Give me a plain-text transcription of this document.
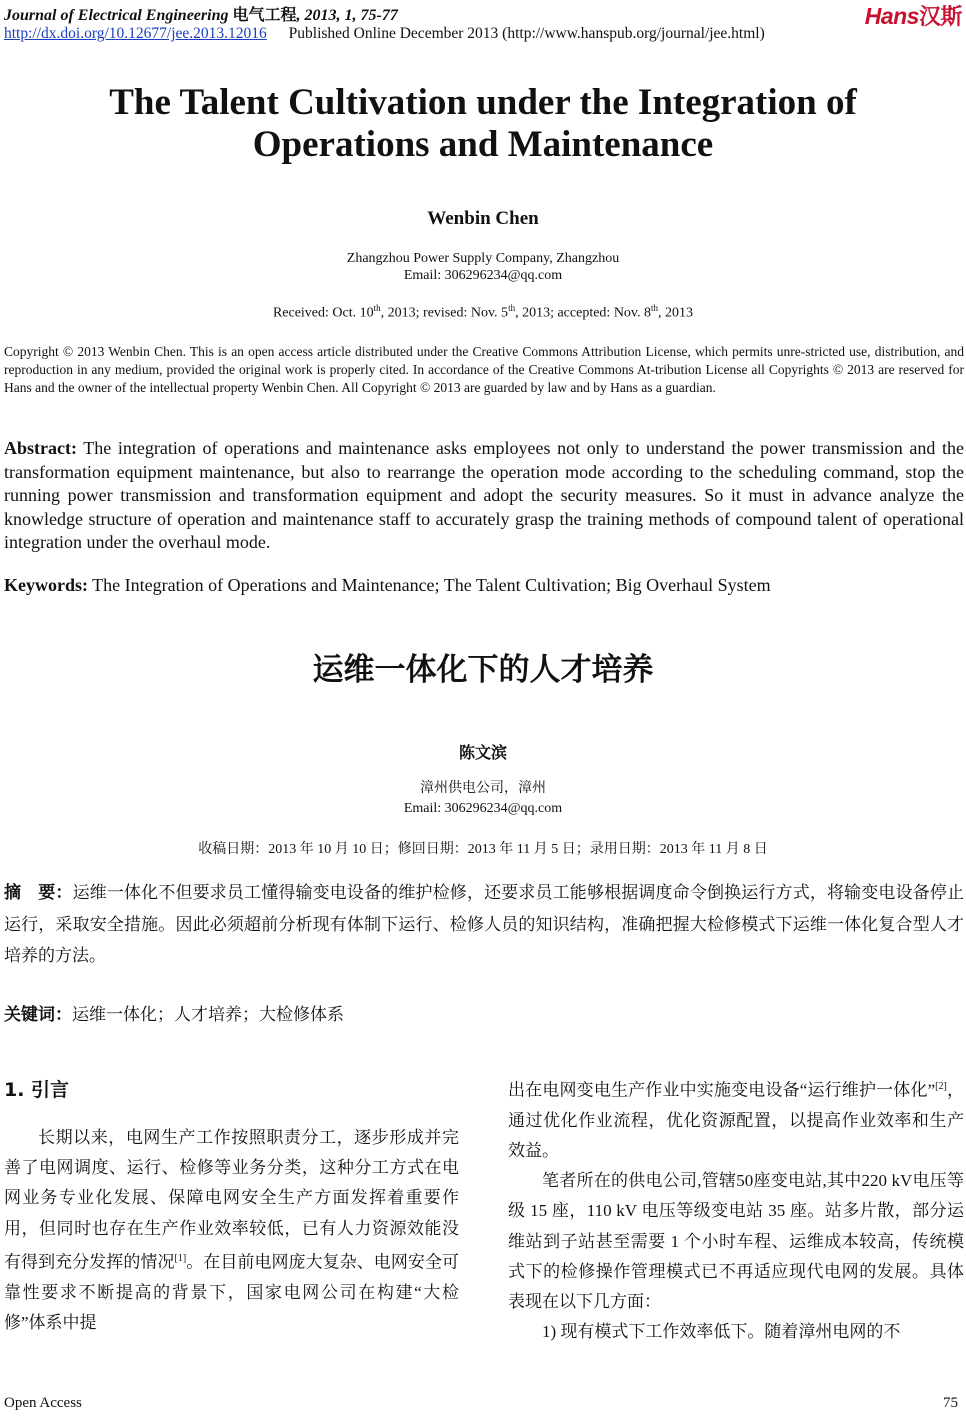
Journal of Electrical Engineering 电气工程, 2013, 1, 75-77
http://dx.doi.org/10.12677/jee.2013.12016 Published Online December 2013 (http://www.hanspub.org/journal/jee.html)
Hans汉斯
The Talent Cultivation under the Integration of Operations and Maintenance
Wenbin Chen
Zhangzhou Power Supply Company, Zhangzhou
Email: 306296234@qq.com
Received: Oct. 10th, 2013; revised: Nov. 5th, 2013; accepted: Nov. 8th, 2013
Copyright © 2013 Wenbin Chen. This is an open access article distributed under the Creative Commons Attribution License, which permits unre-stricted use, distribution, and reproduction in any medium, provided the original work is properly cited. In accordance of the Creative Commons At-tribution License all Copyrights © 2013 are reserved for Hans and the owner of the intellectual property Wenbin Chen. All Copyright © 2013 are guarded by law and by Hans as a guardian.
Abstract: The integration of operations and maintenance asks employees not only to understand the power transmission and the transformation equipment maintenance, but also to rearrange the operation mode according to the scheduling command, stop the running power transmission and transformation equipment and adopt the security measures. So it must in advance analyze the knowledge structure of operation and maintenance staff to accurately grasp the training methods of compound talent of operational integration under the overhaul mode.
Keywords: The Integration of Operations and Maintenance; The Talent Cultivation; Big Overhaul System
运维一体化下的人才培养
陈文滨
漳州供电公司，漳州
Email: 306296234@qq.com
收稿日期：2013 年 10 月 10 日；修回日期：2013 年 11 月 5 日；录用日期：2013 年 11 月 8 日
摘　要：运维一体化不但要求员工懂得输变电设备的维护检修，还要求员工能够根据调度命令倒换运行方式，将输变电设备停止运行，采取安全措施。因此必须超前分析现有体制下运行、检修人员的知识结构，准确把握大检修模式下运维一体化复合型人才培养的方法。
关键词：运维一体化；人才培养；大检修体系
1. 引言

长期以来，电网生产工作按照职责分工，逐步形成并完善了电网调度、运行、检修等业务分类，这种分工方式在电网业务专业化发展、保障电网安全生产方面发挥着重要作用，但同时也存在生产作业效率较低，已有人力资源效能没有得到充分发挥的情况[1]。在目前电网庞大复杂、电网安全可靠性要求不断提高的背景下，国家电网公司在构建“大检修”体系中提

出在电网变电生产作业中实施变电设备“运行维护一体化”[2]，通过优化作业流程，优化资源配置，以提高作业效率和生产效益。

笔者所在的供电公司,管辖50座变电站,其中220 kV电压等级 15 座，110 kV 电压等级变电站 35 座。站多片散，部分运维站到子站甚至需要 1 个小时车程、运维成本较高，传统模式下的检修操作管理模式已不再适应现代电网的发展。具体表现在以下几方面：

1) 现有模式下工作效率低下。随着漳州电网的不

Open Access	75
